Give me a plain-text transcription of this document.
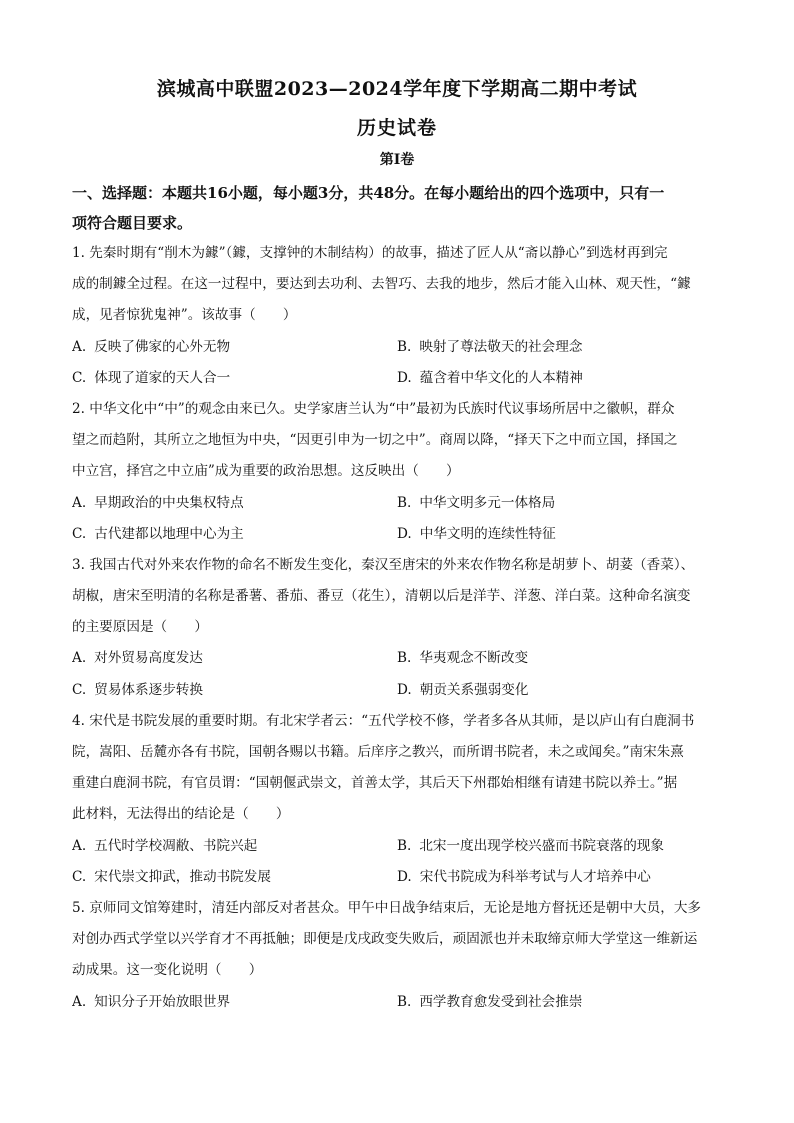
滨城高中联盟2023—2024学年度下学期高二期中考试
历史试卷
第Ⅰ卷
一、选择题：本题共16小题，每小题3分，共48分。在每小题给出的四个选项中，只有一
项符合题目要求。
1. 先秦时期有“削木为鐻”（鐻，支撑钟的木制结构）的故事，描述了匠人从“斋以静心”到选材再到完
成的制鐻全过程。在这一过程中，要达到去功利、去智巧、去我的地步，然后才能入山林、观天性，“鐻
成，见者惊犹鬼神”。该故事（　　）
A. 反映了佛家的心外无物	B. 映射了尊法敬天的社会理念
C. 体现了道家的天人合一	D. 蕴含着中华文化的人本精神
2. 中华文化中“中”的观念由来已久。史学家唐兰认为“中”最初为氏族时代议事场所居中之徽帜，群众
望之而趋附，其所立之地恒为中央，“因更引申为一切之中”。商周以降，“择天下之中而立国，择国之
中立宫，择宫之中立庙”成为重要的政治思想。这反映出（　　）
A. 早期政治的中央集权特点	B. 中华文明多元一体格局
C. 古代建都以地理中心为主	D. 中华文明的连续性特征
3. 我国古代对外来农作物的命名不断发生变化，秦汉至唐宋的外来农作物名称是胡萝卜、胡荽（香菜）、
胡椒，唐宋至明清的名称是番薯、番茄、番豆（花生），清朝以后是洋芋、洋葱、洋白菜。这种命名演变
的主要原因是（　　）
A. 对外贸易高度发达	B. 华夷观念不断改变
C. 贸易体系逐步转换	D. 朝贡关系强弱变化
4. 宋代是书院发展的重要时期。有北宋学者云：“五代学校不修，学者多各从其师，是以庐山有白鹿洞书
院，嵩阳、岳麓亦各有书院，国朝各赐以书籍。后庠序之教兴，而所谓书院者，未之或闻矣。”南宋朱熹
重建白鹿洞书院，有官员谓：“国朝偃武崇文，首善太学，其后天下州郡始相继有请建书院以养士。”据
此材料，无法得出的结论是（　　）
A. 五代时学校凋敝、书院兴起	B. 北宋一度出现学校兴盛而书院衰落的现象
C. 宋代崇文抑武，推动书院发展	D. 宋代书院成为科举考试与人才培养中心
5. 京师同文馆筹建时，清廷内部反对者甚众。甲午中日战争结束后，无论是地方督抚还是朝中大员，大多
对创办西式学堂以兴学育才不再抵触；即便是戊戌政变失败后，顽固派也并未取缔京师大学堂这一维新运
动成果。这一变化说明（　　）
A. 知识分子开始放眼世界	B. 西学教育愈发受到社会推崇
